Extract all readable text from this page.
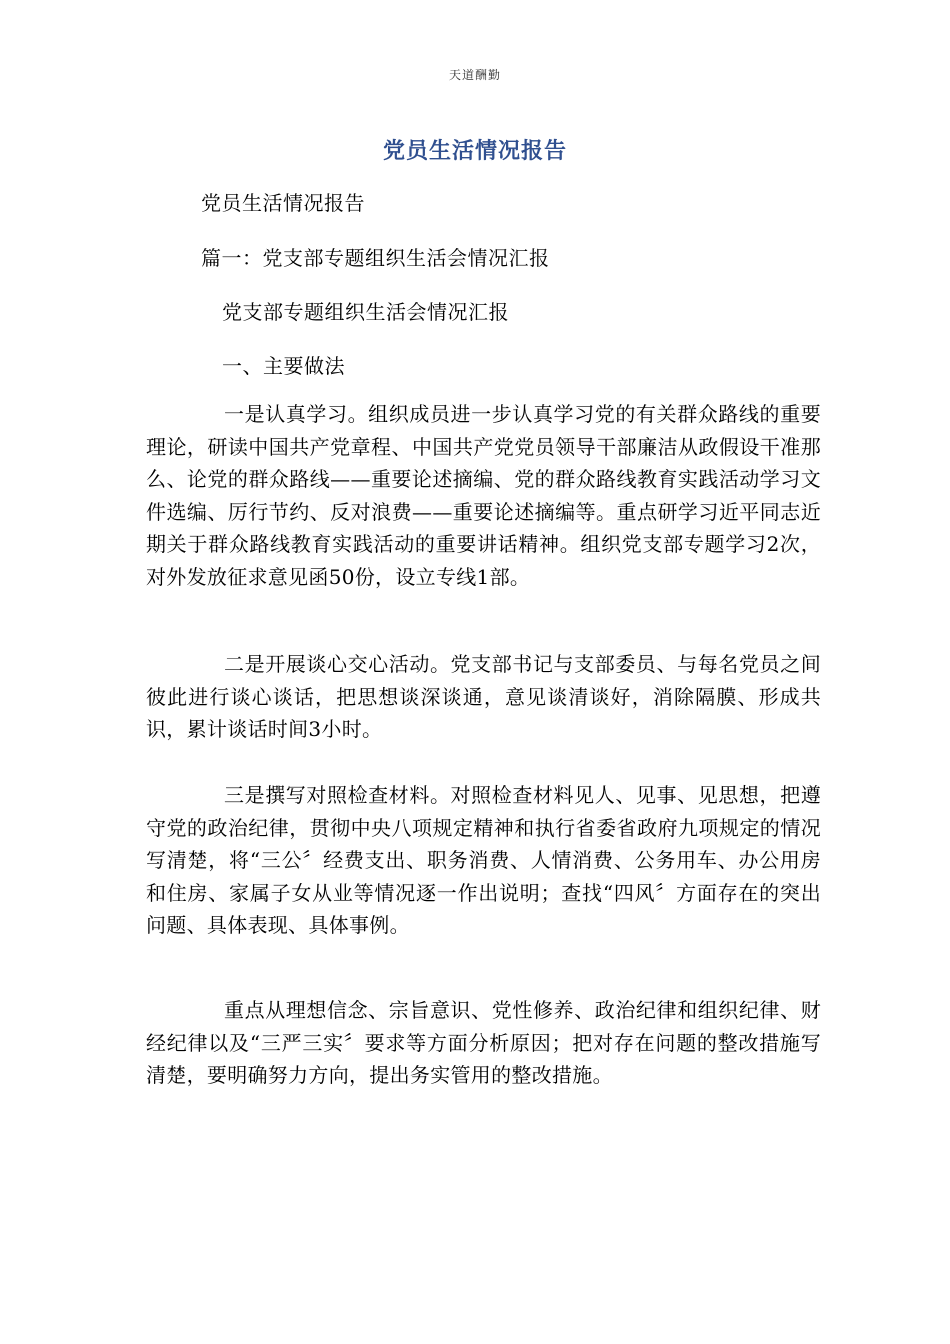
天道酬勤
党员生活情况报告
党员生活情况报告
篇一：党支部专题组织生活会情况汇报
党支部专题组织生活会情况汇报
一、主要做法

一是认真学习。组织成员进一步认真学习党的有关群众路线的重要理论，研读中国共产党章程、中国共产党党员领导干部廉洁从政假设干准那么、论党的群众路线——重要论述摘编、党的群众路线教育实践活动学习文件选编、厉行节约、反对浪费——重要论述摘编等。重点研学习近平同志近期关于群众路线教育实践活动的重要讲话精神。组织党支部专题学习2次，对外发放征求意见函50份，设立专线1部。

二是开展谈心交心活动。党支部书记与支部委员、与每名党员之间彼此进行谈心谈话，把思想谈深谈通，意见谈清谈好，消除隔膜、形成共识，累计谈话时间3小时。

三是撰写对照检查材料。对照检查材料见人、见事、见思想，把遵守党的政治纪律，贯彻中央八项规定精神和执行省委省政府九项规定的情况写清楚，将“三公〞经费支出、职务消费、人情消费、公务用车、办公用房和住房、家属子女从业等情况逐一作出说明；查找“四风〞方面存在的突出问题、具体表现、具体事例。

重点从理想信念、宗旨意识、党性修养、政治纪律和组织纪律、财经纪律以及“三严三实〞要求等方面分析原因；把对存在问题的整改措施写清楚，要明确努力方向，提出务实管用的整改措施。
